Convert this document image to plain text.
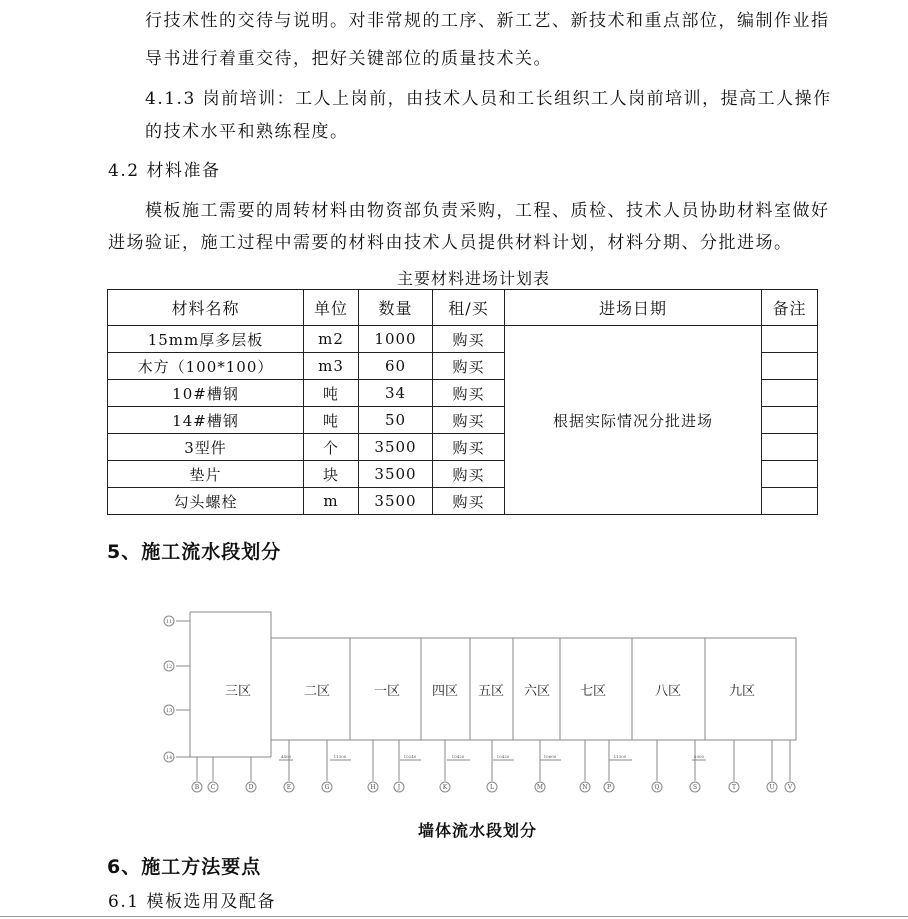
行技术性的交待与说明。对非常规的工序、新工艺、新技术和重点部位，编制作业指
导书进行着重交待，把好关键部位的质量技术关。
4.1.3 岗前培训：工人上岗前，由技术人员和工长组织工人岗前培训，提高工人操作
的技术水平和熟练程度。
4.2 材料准备
模板施工需要的周转材料由物资部负责采购，工程、质检、技术人员协助材料室做好
进场验证，施工过程中需要的材料由技术人员提供材料计划，材料分期、分批进场。
主要材料进场计划表
材料名称	单位	数量	租/买	进场日期	备注
15mm厚多层板	m2	1000	购买	根据实际情况分批进场	
木方（100*100）	m3	60	购买		
10#槽钢	吨	34	购买		
14#槽钢	吨	50	购买		
3型件	个	3500	购买		
垫片	块	3500	购买		
勾头螺栓	m	3500	购买		
5、施工流水段划分
三区	二区	一区 四区 五区 六区 七区	八区	九区
11
12
13
14
B C	D	E	G	H	J	K	L	M	N	P	Q	S	T	U V
4400	11300	10240	10420	10420	10600	11300	5900
墙体流水段划分
6、施工方法要点
6.1 模板选用及配备
